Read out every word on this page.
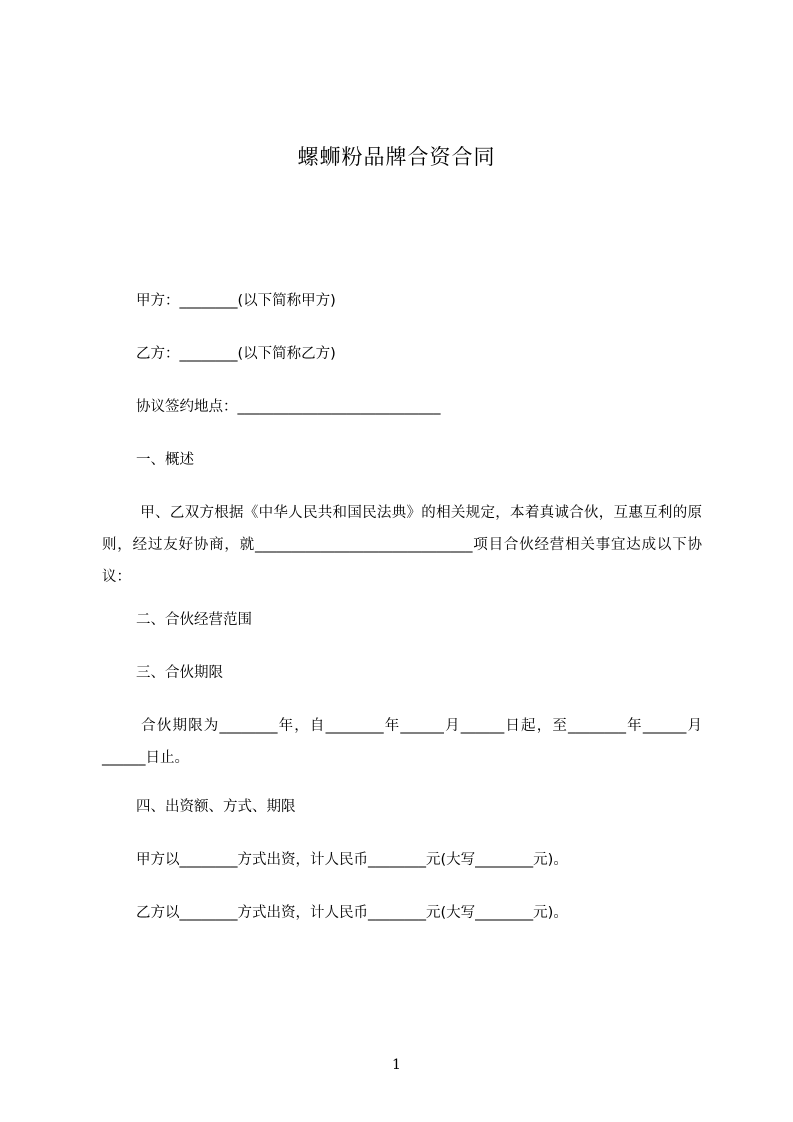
螺蛳粉品牌合资合同
甲方：________(以下简称甲方)
乙方：________(以下简称乙方)
协议签约地点：____________________________
一、概述
甲、乙双方根据《中华人民共和国民法典》的相关规定，本着真诚合伙，互惠互利的原则，经过友好协商，就______________________________项目合伙经营相关事宜达成以下协议：
二、合伙经营范围
三、合伙期限
合伙期限为________年，自________年______月______日起，至________年______月______日止。
四、出资额、方式、期限
甲方以________方式出资，计人民币________元(大写________元)。
乙方以________方式出资，计人民币________元(大写________元)。
1
